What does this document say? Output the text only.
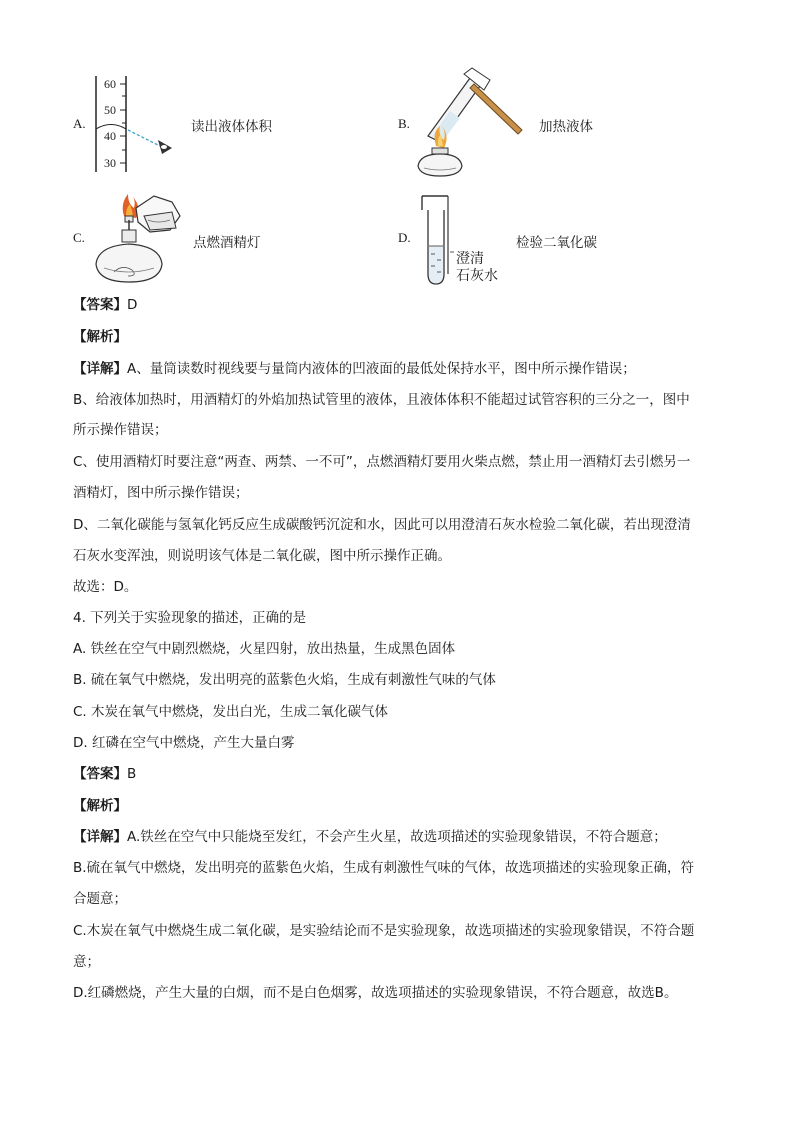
A.
60
50
40
30
读出液体体积	B.	加热液体
C.	点燃酒精灯	D.
澄清
石灰水
检验二氧化碳
【答案】D
【解析】
【详解】A、量筒读数时视线要与量筒内液体的凹液面的最低处保持水平，图中所示操作错误；
B、给液体加热时，用酒精灯的外焰加热试管里的液体，且液体体积不能超过试管容积的三分之一，图中
所示操作错误；
C、使用酒精灯时要注意“两查、两禁、一不可”，点燃酒精灯要用火柴点燃，禁止用一酒精灯去引燃另一
酒精灯，图中所示操作错误；
D、二氧化碳能与氢氧化钙反应生成碳酸钙沉淀和水，因此可以用澄清石灰水检验二氧化碳，若出现澄清
石灰水变浑浊，则说明该气体是二氧化碳，图中所示操作正确。
故选：D。
4. 下列关于实验现象的描述，正确的是
A. 铁丝在空气中剧烈燃烧，火星四射，放出热量，生成黑色固体
B. 硫在氧气中燃烧，发出明亮的蓝紫色火焰，生成有刺激性气味的气体
C. 木炭在氧气中燃烧，发出白光，生成二氧化碳气体
D. 红磷在空气中燃烧，产生大量白雾
【答案】B
【解析】
【详解】A.铁丝在空气中只能烧至发红，不会产生火星，故选项描述的实验现象错误，不符合题意；
B.硫在氧气中燃烧，发出明亮的蓝紫色火焰，生成有刺激性气味的气体，故选项描述的实验现象正确，符
合题意；
C.木炭在氧气中燃烧生成二氧化碳，是实验结论而不是实验现象，故选项描述的实验现象错误，不符合题
意；
D.红磷燃烧，产生大量的白烟，而不是白色烟雾，故选项描述的实验现象错误，不符合题意，故选B。
